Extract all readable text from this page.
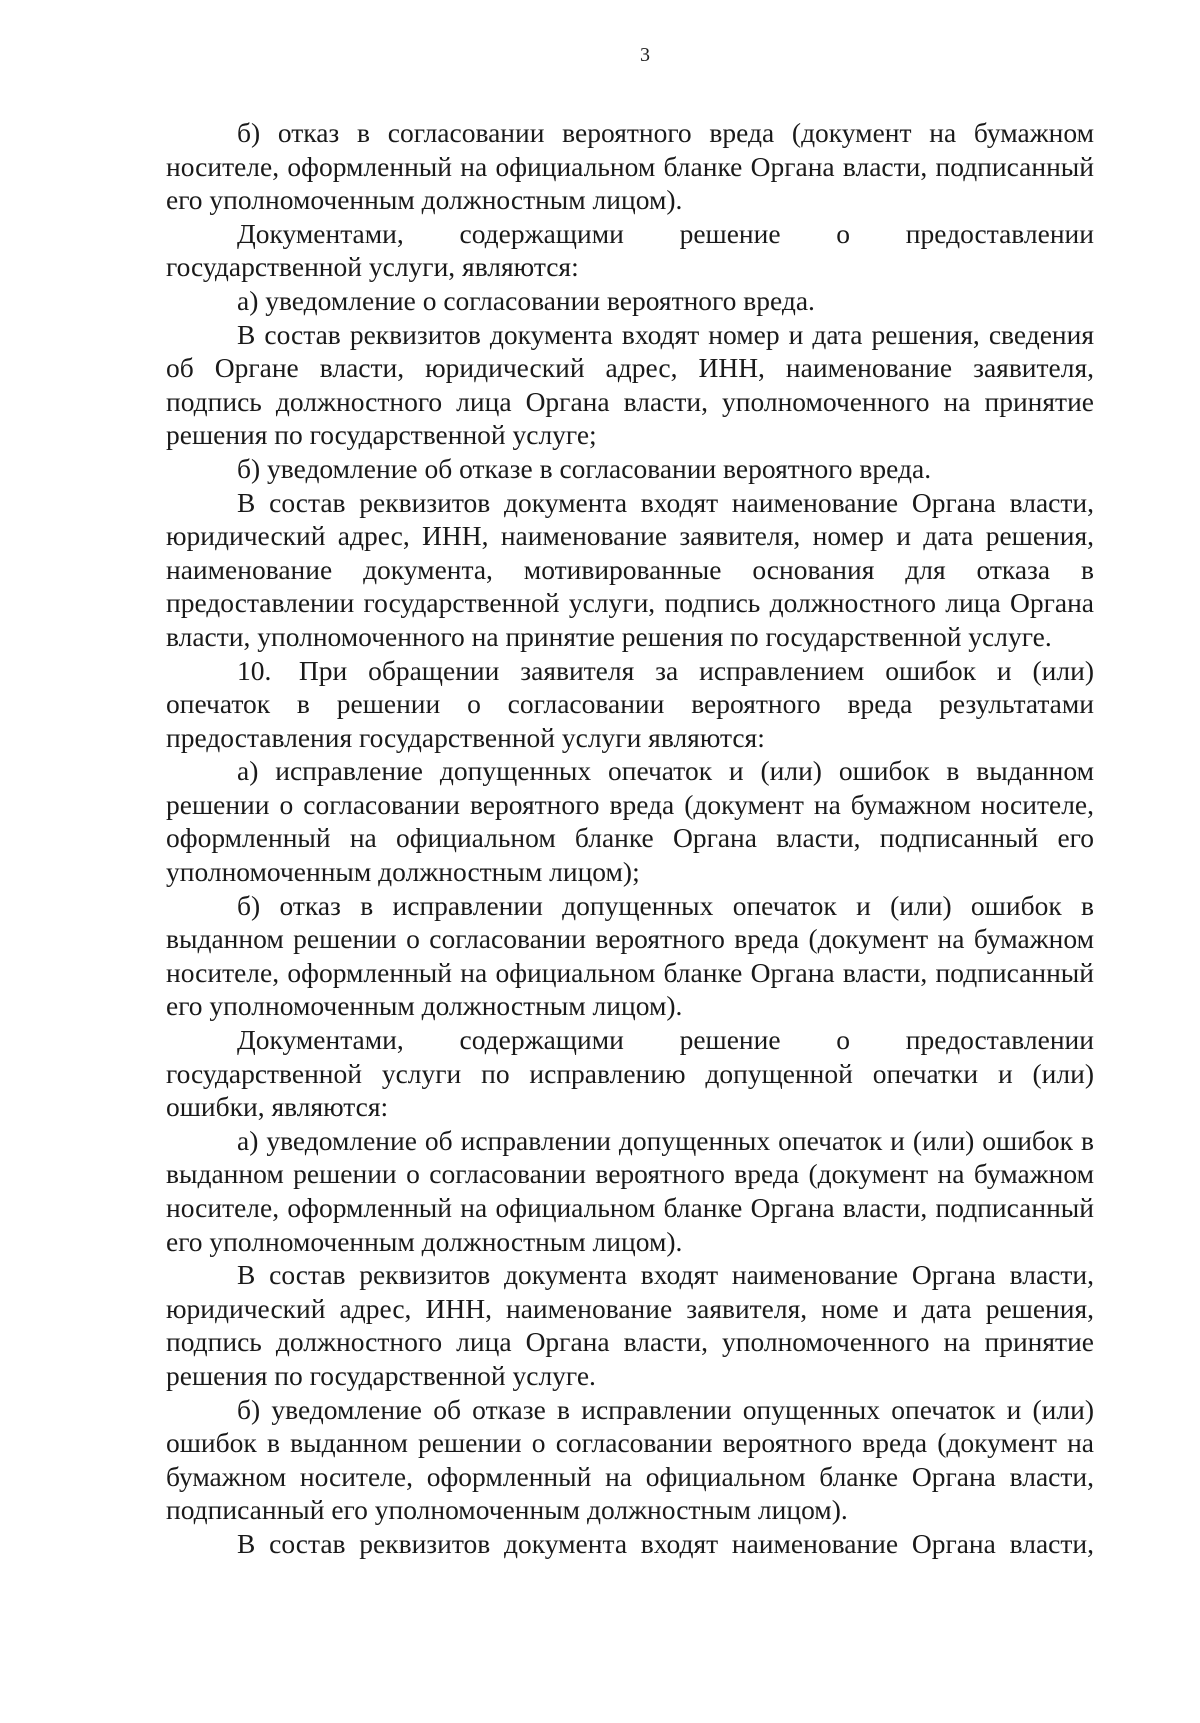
3

б) отказ в согласовании вероятного вреда (документ на бумажном носителе, оформленный на официальном бланке Органа власти, подписанный его уполномоченным должностным лицом).

Документами, содержащими решение о предоставлении государственной услуги, являются:

а) уведомление о согласовании вероятного вреда.

В состав реквизитов документа входят номер и дата решения, сведения об Органе власти, юридический адрес, ИНН, наименование заявителя, подпись должностного лица Органа власти, уполномоченного на принятие решения по государственной услуге;

б) уведомление об отказе в согласовании вероятного вреда.

В состав реквизитов документа входят наименование Органа власти, юридический адрес, ИНН, наименование заявителя, номер и дата решения, наименование документа, мотивированные основания для отказа в предоставлении государственной услуги, подпись должностного лица Органа власти, уполномоченного на принятие решения по государственной услуге.

10. При обращении заявителя за исправлением ошибок и (или) опечаток в решении о согласовании вероятного вреда результатами предоставления государственной услуги являются:

а) исправление допущенных опечаток и (или) ошибок в выданном решении о согласовании вероятного вреда (документ на бумажном носителе, оформленный на официальном бланке Органа власти, подписанный его уполномоченным должностным лицом);

б) отказ в исправлении допущенных опечаток и (или) ошибок в выданном решении о согласовании вероятного вреда (документ на бумажном носителе, оформленный на официальном бланке Органа власти, подписанный его уполномоченным должностным лицом).

Документами, содержащими решение о предоставлении государственной услуги по исправлению допущенной опечатки и (или) ошибки, являются:

а) уведомление об исправлении допущенных опечаток и (или) ошибок в выданном решении о согласовании вероятного вреда (документ на бумажном носителе, оформленный на официальном бланке Органа власти, подписанный его уполномоченным должностным лицом).

В состав реквизитов документа входят наименование Органа власти, юридический адрес, ИНН, наименование заявителя, номе и дата решения, подпись должностного лица Органа власти, уполномоченного на принятие решения по государственной услуге.

б) уведомление об отказе в исправлении опущенных опечаток и (или) ошибок в выданном решении о согласовании вероятного вреда (документ на бумажном носителе, оформленный на официальном бланке Органа власти, подписанный его уполномоченным должностным лицом).

В состав реквизитов документа входят наименование Органа власти,
